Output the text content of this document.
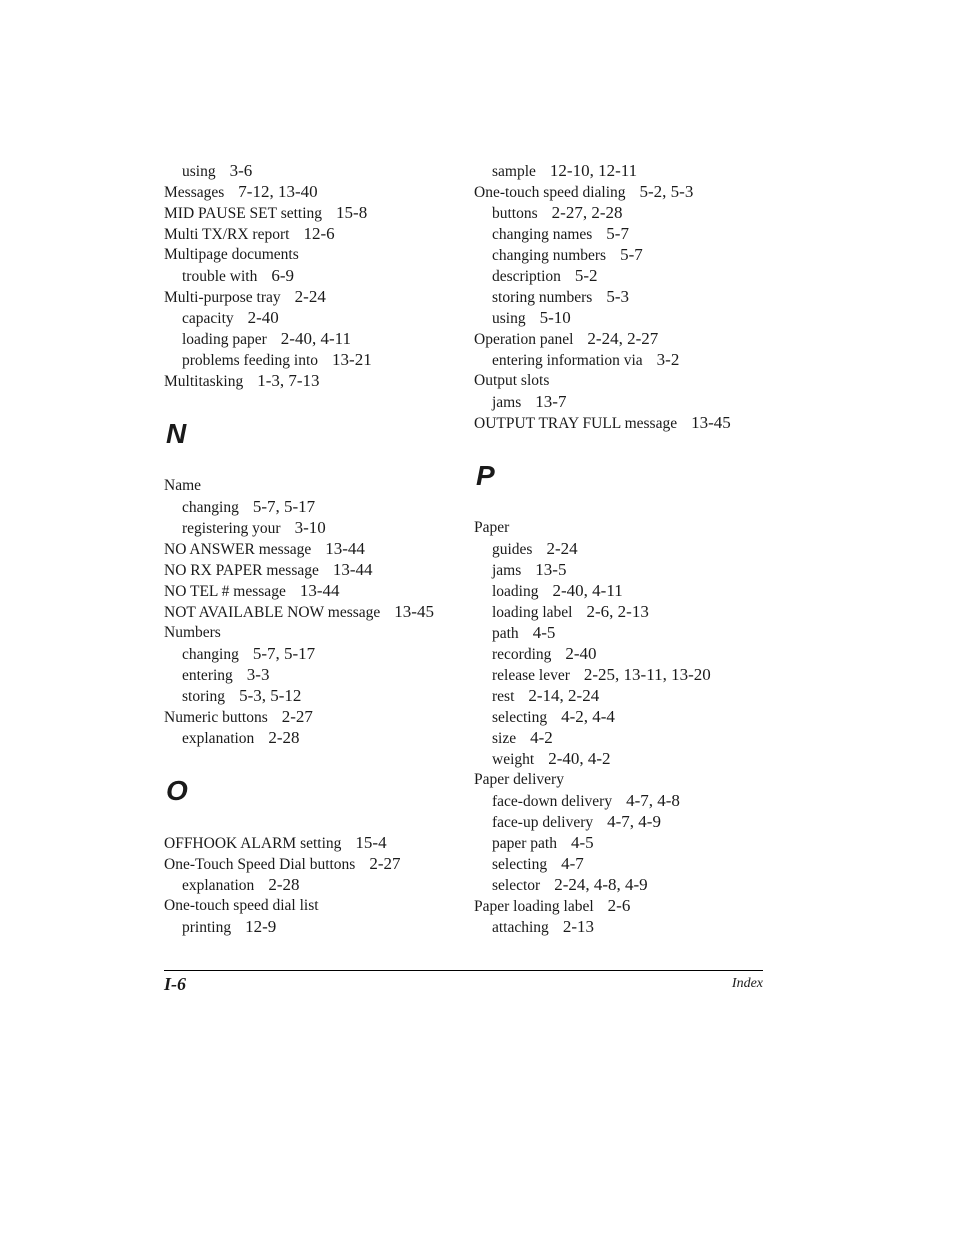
using 3-6
Messages 7-12, 13-40
MID PAUSE SET setting 15-8
Multi TX/RX report 12-6
Multipage documents
trouble with 6-9
Multi-purpose tray 2-24
capacity 2-40
loading paper 2-40, 4-11
problems feeding into 13-21
Multitasking 1-3, 7-13
N
Name
changing 5-7, 5-17
registering your 3-10
NO ANSWER message 13-44
NO RX PAPER message 13-44
NO TEL # message 13-44
NOT AVAILABLE NOW message 13-45
Numbers
changing 5-7, 5-17
entering 3-3
storing 5-3, 5-12
Numeric buttons 2-27
explanation 2-28
O
OFFHOOK ALARM setting 15-4
One-Touch Speed Dial buttons 2-27
explanation 2-28
One-touch speed dial list
printing 12-9
sample 12-10, 12-11
One-touch speed dialing 5-2, 5-3
buttons 2-27, 2-28
changing names 5-7
changing numbers 5-7
description 5-2
storing numbers 5-3
using 5-10
Operation panel 2-24, 2-27
entering information via 3-2
Output slots
jams 13-7
OUTPUT TRAY FULL message 13-45
P
Paper
guides 2-24
jams 13-5
loading 2-40, 4-11
loading label 2-6, 2-13
path 4-5
recording 2-40
release lever 2-25, 13-11, 13-20
rest 2-14, 2-24
selecting 4-2, 4-4
size 4-2
weight 2-40, 4-2
Paper delivery
face-down delivery 4-7, 4-8
face-up delivery 4-7, 4-9
paper path 4-5
selecting 4-7
selector 2-24, 4-8, 4-9
Paper loading label 2-6
attaching 2-13
I-6	Index
